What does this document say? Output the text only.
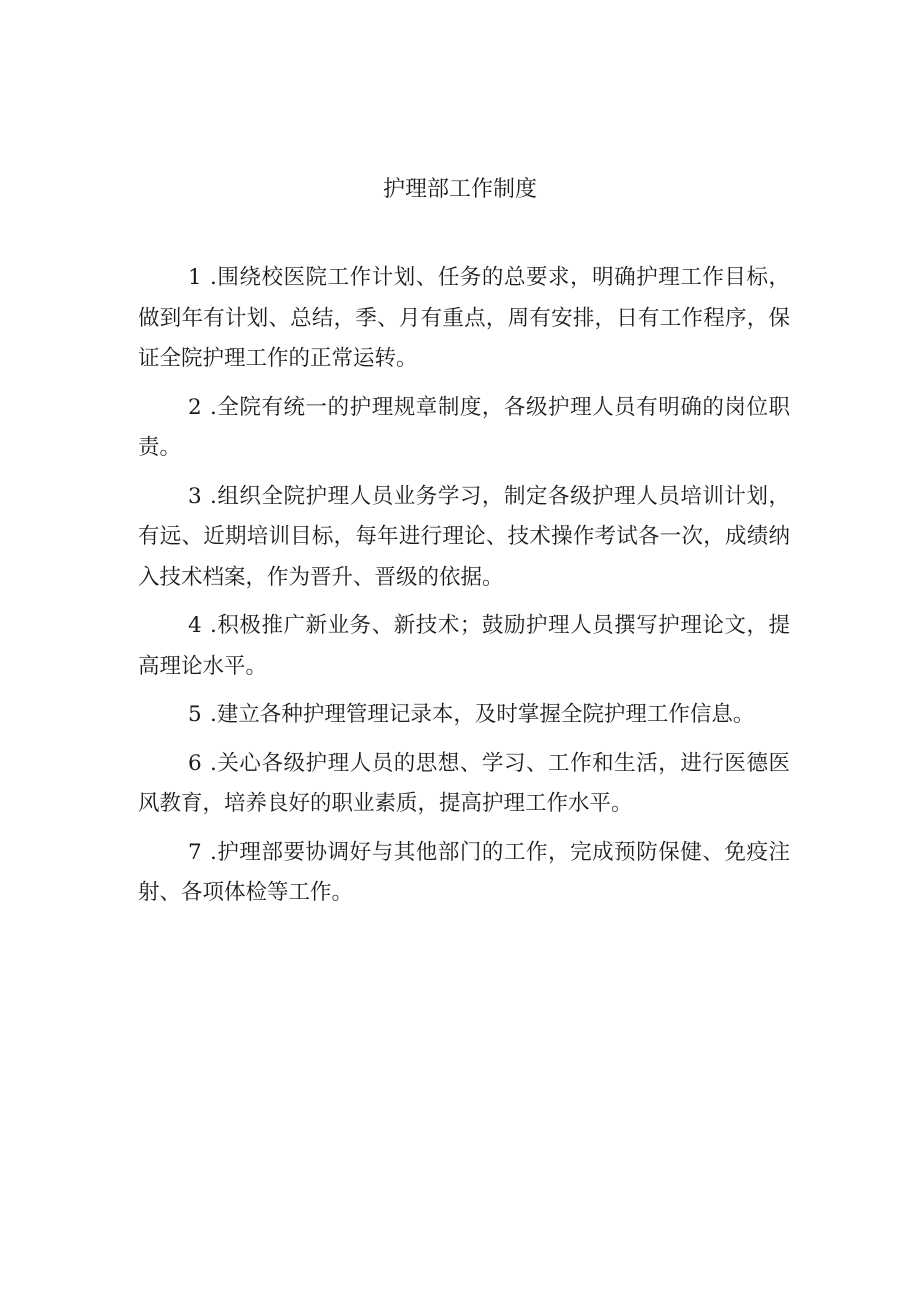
护理部工作制度

1 .围绕校医院工作计划、任务的总要求，明确护理工作目标，做到年有计划、总结，季、月有重点，周有安排，日有工作程序，保证全院护理工作的正常运转。

2 .全院有统一的护理规章制度，各级护理人员有明确的岗位职责。

3 .组织全院护理人员业务学习，制定各级护理人员培训计划，有远、近期培训目标，每年进行理论、技术操作考试各一次，成绩纳入技术档案，作为晋升、晋级的依据。

4 .积极推广新业务、新技术；鼓励护理人员撰写护理论文，提高理论水平。

5 .建立各种护理管理记录本，及时掌握全院护理工作信息。

6 .关心各级护理人员的思想、学习、工作和生活，进行医德医风教育，培养良好的职业素质，提高护理工作水平。

7 .护理部要协调好与其他部门的工作，完成预防保健、免疫注射、各项体检等工作。
